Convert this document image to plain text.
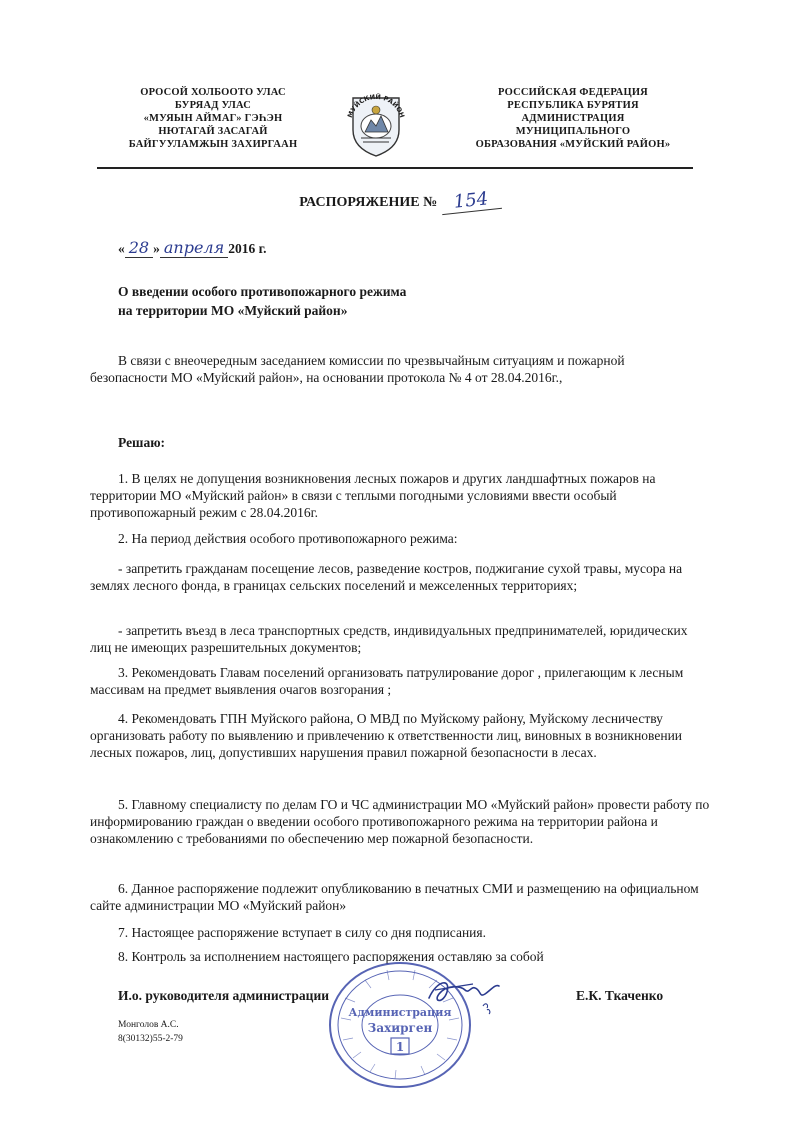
ОРОСОЙ ХОЛБООТО УЛАС
БУРЯАД УЛАС
«МУЯЫН АЙМАГ» ГЭҺЭН
НЮТАГАЙ ЗАСАГАЙ
БАЙГУУЛАМЖЫН ЗАХИРГААН
МУЙСКИЙ РАЙОН
РОССИЙСКАЯ ФЕДЕРАЦИЯ
РЕСПУБЛИКА БУРЯТИЯ
АДМИНИСТРАЦИЯ МУНИЦИПАЛЬНОГО
ОБРАЗОВАНИЯ «МУЙСКИЙ РАЙОН»
РАСПОРЯЖЕНИЕ № 154
« 28 » апреля 2016 г.
О введении особого противопожарного режима
на территории МО «Муйский район»
В связи с внеочередным заседанием комиссии по чрезвычайным ситуациям и пожарной безопасности МО «Муйский район», на основании протокола № 4 от 28.04.2016г.,
Решаю:
1. В целях не допущения возникновения лесных пожаров и других ландшафтных пожаров на территории МО «Муйский район» в связи с теплыми погодными условиями ввести особый противопожарный режим с 28.04.2016г.
2. На период действия особого противопожарного режима:
- запретить гражданам посещение лесов, разведение костров, поджигание сухой травы, мусора на землях лесного фонда, в границах сельских поселений и межселенных территориях;
- запретить въезд в леса транспортных средств, индивидуальных предпринимателей, юридических лиц не имеющих разрешительных документов;
3. Рекомендовать Главам поселений организовать патрулирование дорог , прилегающим к лесным массивам на предмет выявления очагов возгорания ;
4. Рекомендовать ГПН Муйского района, О МВД по Муйскому району, Муйскому лесничеству организовать работу по выявлению и привлечению к ответственности лиц, виновных в возникновении лесных пожаров, лиц, допустивших нарушения правил пожарной безопасности в лесах.
5. Главному специалисту по делам ГО и ЧС администрации МО «Муйский район» провести работу по информированию граждан о введении особого противопожарного режима на территории района и ознакомлению с требованиями по обеспечению мер пожарной безопасности.
6. Данное распоряжение подлежит опубликованию в печатных СМИ и размещению на официальном сайте администрации МО «Муйский район»
7. Настоящее распоряжение вступает в силу со дня подписания.
8. Контроль за исполнением настоящего распоряжения оставляю за собой
И.о. руководителя администрации	Е.К. Ткаченко
Монголов А.С.
8(30132)55-2-79
Администрация
Захирген
1
